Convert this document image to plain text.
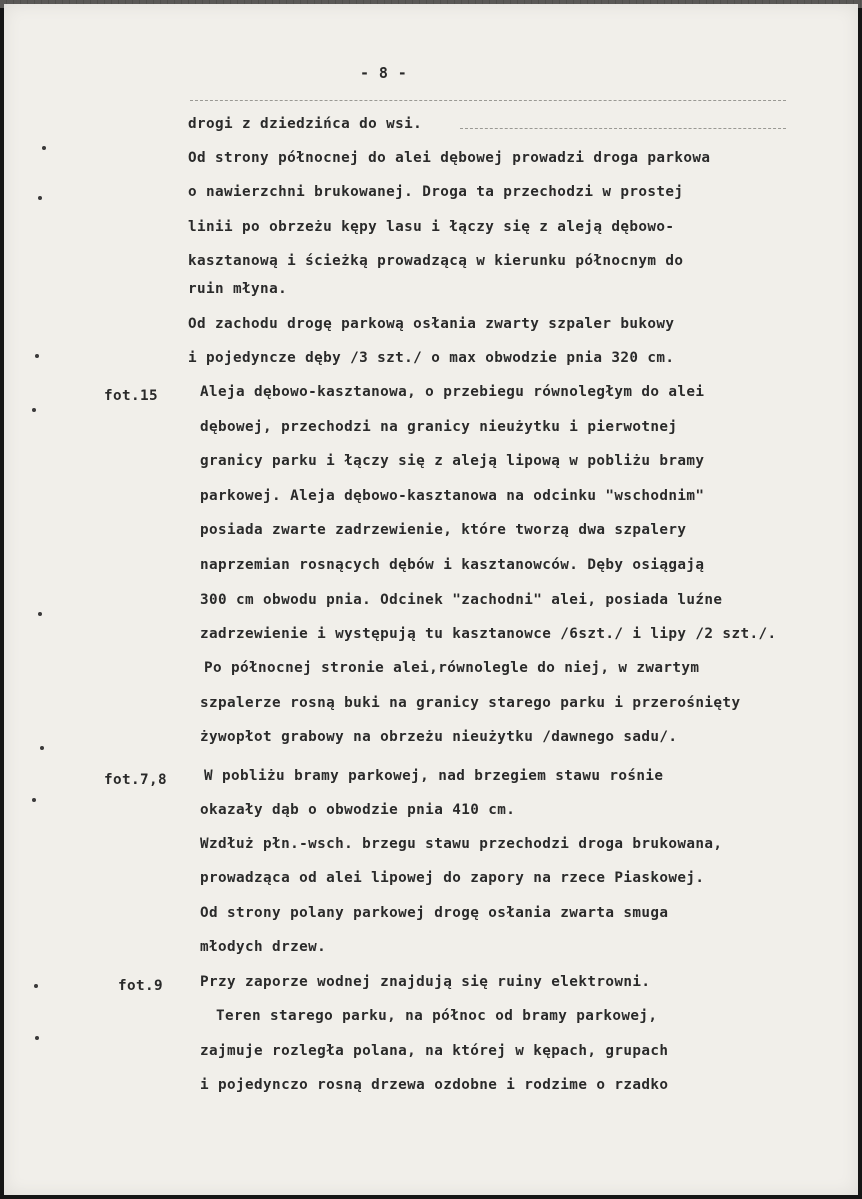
- 8 -
fot.15
fot.7,8
fot.9
drogi z dziedzińca do wsi.
Od strony północnej do alei dębowej prowadzi droga parkowa
o nawierzchni brukowanej. Droga ta przechodzi w prostej
linii po obrzeżu kępy lasu i łączy się z aleją dębowo-
kasztanową i ścieżką prowadzącą w kierunku północnym do
ruin młyna.
Od zachodu drogę parkową osłania zwarty szpaler bukowy
i pojedyncze dęby /3 szt./ o max obwodzie pnia 320 cm.
Aleja dębowo-kasztanowa, o przebiegu równoległym do alei
dębowej, przechodzi na granicy nieużytku i pierwotnej
granicy parku i łączy się z aleją lipową w pobliżu bramy
parkowej. Aleja dębowo-kasztanowa na odcinku "wschodnim"
posiada zwarte zadrzewienie, które tworzą dwa szpalery
naprzemian rosnących dębów i kasztanowców. Dęby osiągają
300 cm obwodu pnia. Odcinek "zachodni" alei, posiada luźne
zadrzewienie i występują tu kasztanowce /6szt./ i lipy /2 szt./.
Po północnej stronie alei,równolegle do niej, w zwartym
szpalerze rosną buki na granicy starego parku i przerośnięty
żywopłot grabowy na obrzeżu nieużytku /dawnego sadu/.
W pobliżu bramy parkowej, nad brzegiem stawu rośnie
okazały dąb o obwodzie pnia 410 cm.
Wzdłuż płn.-wsch. brzegu stawu przechodzi droga brukowana,
prowadząca od alei lipowej do zapory na rzece Piaskowej.
Od strony polany parkowej drogę osłania zwarta smuga
młodych drzew.
Przy zaporze wodnej znajdują się ruiny elektrowni.
Teren starego parku, na północ od bramy parkowej,
zajmuje rozległa polana, na której w kępach, grupach
i pojedynczo rosną drzewa ozdobne i rodzime o rzadko
